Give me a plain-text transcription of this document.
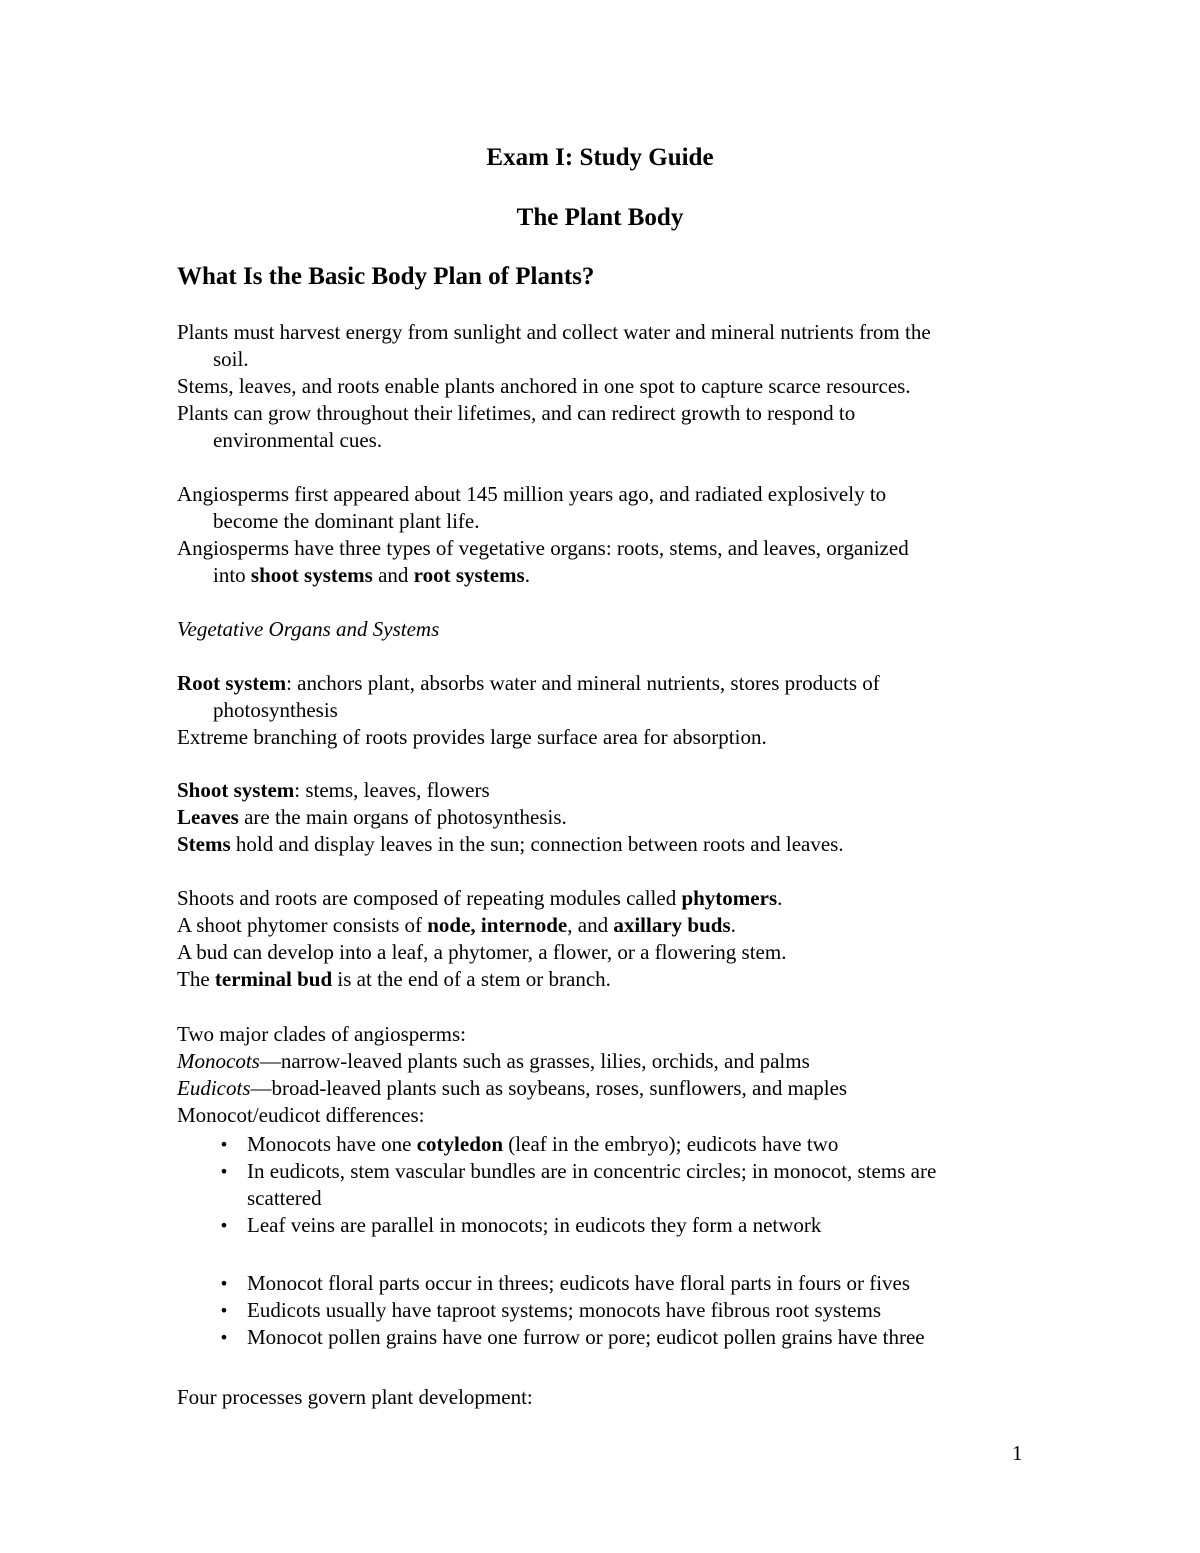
Exam I: Study Guide
The Plant Body
What Is the Basic Body Plan of Plants?
Plants must harvest energy from sunlight and collect water and mineral nutrients from the
soil.
Stems, leaves, and roots enable plants anchored in one spot to capture scarce resources.
Plants can grow throughout their lifetimes, and can redirect growth to respond to
environmental cues.
Angiosperms first appeared about 145 million years ago, and radiated explosively to
become the dominant plant life.
Angiosperms have three types of vegetative organs: roots, stems, and leaves, organized
into shoot systems and root systems.
Vegetative Organs and Systems
Root system: anchors plant, absorbs water and mineral nutrients, stores products of
photosynthesis
Extreme branching of roots provides large surface area for absorption.
Shoot system: stems, leaves, flowers
Leaves are the main organs of photosynthesis.
Stems hold and display leaves in the sun; connection between roots and leaves.
Shoots and roots are composed of repeating modules called phytomers.
A shoot phytomer consists of node, internode, and axillary buds.
A bud can develop into a leaf, a phytomer, a flower, or a flowering stem.
The terminal bud is at the end of a stem or branch.
Two major clades of angiosperms:
Monocots—narrow-leaved plants such as grasses, lilies, orchids, and palms
Eudicots—broad-leaved plants such as soybeans, roses, sunflowers, and maples
Monocot/eudicot differences:
• Monocots have one cotyledon (leaf in the embryo); eudicots have two
• In eudicots, stem vascular bundles are in concentric circles; in monocot, stems are
scattered
• Leaf veins are parallel in monocots; in eudicots they form a network
• Monocot floral parts occur in threes; eudicots have floral parts in fours or fives
• Eudicots usually have taproot systems; monocots have fibrous root systems
• Monocot pollen grains have one furrow or pore; eudicot pollen grains have three
Four processes govern plant development:
1
